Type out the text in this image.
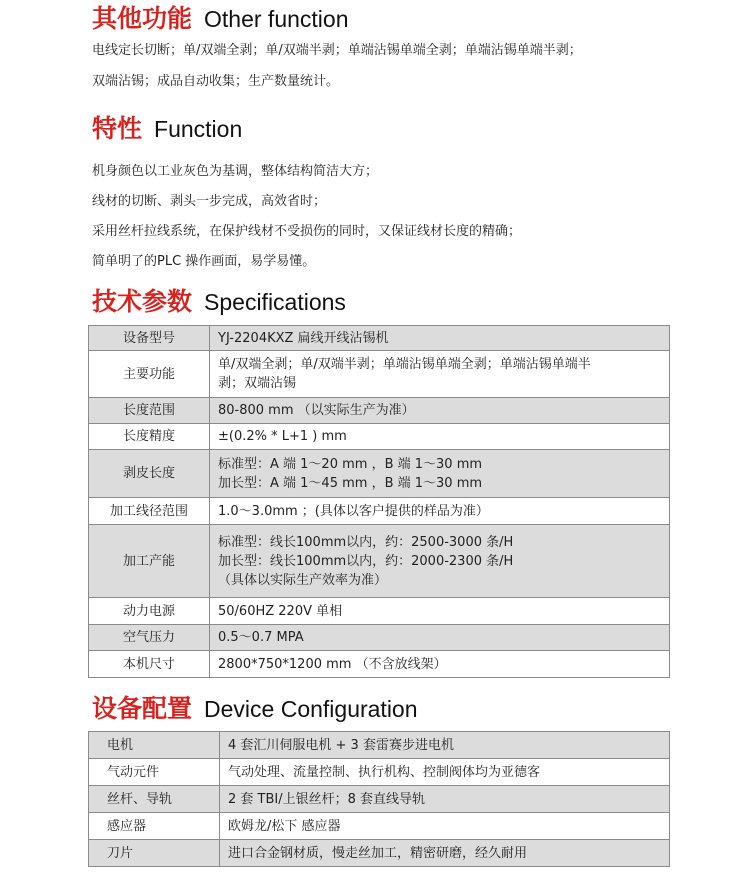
其他功能 Other function
电线定长切断；单/双端全剥；单/双端半剥；单端沾锡单端全剥；单端沾锡单端半剥；
双端沾锡；成品自动收集；生产数量统计。
特性 Function
机身颜色以工业灰色为基调，整体结构简洁大方；
线材的切断、剥头一步完成，高效省时；
采用丝杆拉线系统，在保护线材不受损伤的同时，又保证线材长度的精确；
简单明了的PLC 操作画面，易学易懂。
技术参数 Specifications
设备型号	YJ-2204KXZ 扁线开线沾锡机
主要功能	单/双端全剥；单/双端半剥；单端沾锡单端全剥；单端沾锡单端半
剥；双端沾锡
长度范围	80-800 mm （以实际生产为准）
长度精度	±(0.2% * L+1 ) mm
剥皮长度	标准型：A 端 1～20 mm ，B 端 1～30 mm
加长型：A 端 1～45 mm ，B 端 1～30 mm
加工线径范围	1.0～3.0mm ；(具体以客户提供的样品为准）
加工产能	标准型：线长100mm以内，约：2500-3000 条/H
加长型：线长100mm以内，约：2000-2300 条/H
（具体以实际生产效率为准）
动力电源	50/60HZ 220V 单相
空气压力	0.5～0.7 MPA
本机尺寸	2800*750*1200 mm （不含放线架）
设备配置 Device Configuration
电机	4 套汇川伺服电机 + 3 套雷赛步进电机
气动元件	气动处理、流量控制、执行机构、控制阀体均为亚德客
丝杆、导轨	2 套 TBI/上银丝杆；8 套直线导轨
感应器	欧姆龙/松下 感应器
刀片	进口合金钢材质，慢走丝加工，精密研磨，经久耐用
